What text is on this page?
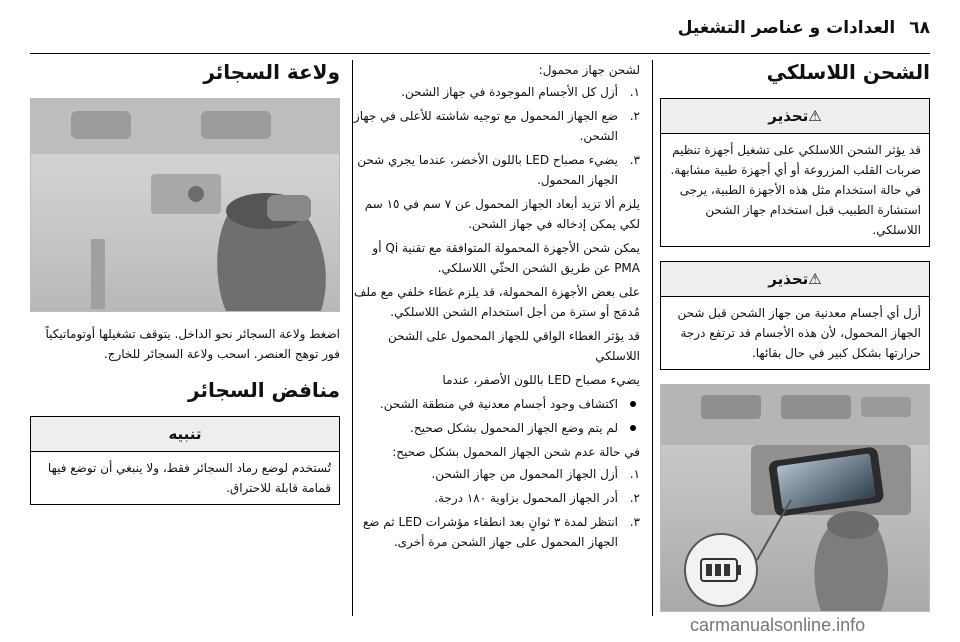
٦٨العدادات و عناصر التشغيل
الشحن اللاسلكي
⚠تحذير
قد يؤثر الشحن اللاسلكي على تشغيل أجهزة تنظيم ضربات القلب المزروعة أو أي أجهزة طبية مشابهة. في حالة استخدام مثل هذه الأجهزة الطبية، يرجى استشارة الطبيب قبل استخدام جهاز الشحن اللاسلكي.
⚠تحذير
أزل أي أجسام معدنية من جهاز الشحن قبل شحن الجهاز المحمول، لأن هذه الأجسام قد ترتفع درجة حرارتها بشكل كبير في حال بقائها.

لشحن جهاز محمول:

١.
أزل كل الأجسام الموجودة في جهاز الشحن.
٢.
ضع الجهاز المحمول مع توجيه شاشته للأعلى في جهاز الشحن.
٣.
يضيء مصباح LED باللون الأخضر، عندما يجري شحن الجهاز المحمول.

يلزم ألا تزيد أبعاد الجهاز المحمول عن ٧ سم في ١٥ سم لكي يمكن إدخاله في جهاز الشحن.

يمكن شحن الأجهزة المحمولة المتوافقة مع تقنية Qi أو PMA عن طريق الشحن الحثّي اللاسلكي.

على بعض الأجهزة المحمولة، قد يلزم غطاء خلفي مع ملف مُدمَج أو سترة من أجل استخدام الشحن اللاسلكي.

قد يؤثر الغطاء الواقي للجهاز المحمول على الشحن اللاسلكي

يضيء مصباح LED باللون الأصفر، عندما

اكتشاف وجود أجسام معدنية في منطقة الشحن.
لم يتم وضع الجهاز المحمول بشكل صحيح.

في حالة عدم شحن الجهاز المحمول بشكل صحيح:

١.
أزل الجهاز المحمول من جهاز الشحن.
٢.
أدر الجهاز المحمول بزاوية ١٨٠ درجة.
٣.
انتظر لمدة ٣ ثوانٍ بعد انطفاء مؤشرات LED ثم ضع الجهاز المحمول على جهاز الشحن مرة أخرى.
ولاعة السجائر

اضغط ولاعة السجائر نحو الداخل. يتوقف تشغيلها أوتوماتيكياً فور توهج العنصر. اسحب ولاعة السجائر للخارج.

منافض السجائر
تنبيه
تُستخدم لوضع رماد السجائر فقط، ولا ينبغي أن توضع فيها قمامة قابلة للاحتراق.
carmanualsonline.info
